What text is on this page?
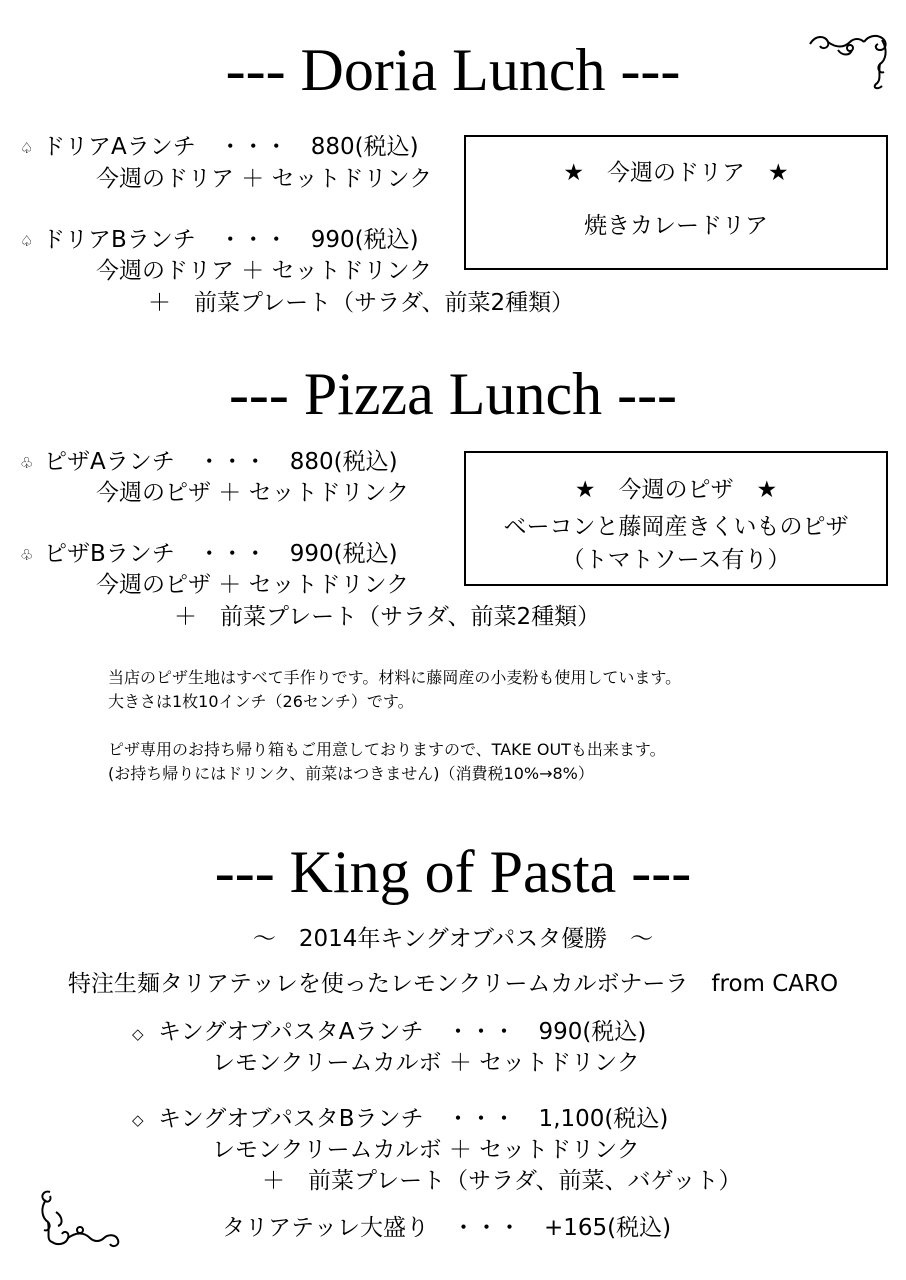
--- Doria Lunch ---
♤ ドリアAランチ　・・・　880(税込)
今週のドリア ＋ セットドリンク
♤ ドリアBランチ　・・・　990(税込)
今週のドリア ＋ セットドリンク
＋　前菜プレート（サラダ、前菜2種類）
★　今週のドリア　★
焼きカレードリア
--- Pizza Lunch ---
♧ ピザAランチ　・・・　880(税込)
今週のピザ ＋ セットドリンク
♧ ピザBランチ　・・・　990(税込)
今週のピザ ＋ セットドリンク
＋　前菜プレート（サラダ、前菜2種類）
★　今週のピザ　★
ベーコンと藤岡産きくいものピザ
（トマトソース有り）
当店のピザ生地はすべて手作りです。材料に藤岡産の小麦粉も使用しています。
大きさは1枚10インチ（26センチ）です。
ピザ専用のお持ち帰り箱もご用意しておりますので、TAKE OUTも出来ます。
(お持ち帰りにはドリンク、前菜はつきません)（消費税10%→8%）
--- King of Pasta ---
～　2014年キングオブパスタ優勝　～
特注生麺タリアテッレを使ったレモンクリームカルボナーラ　from CARO
◇ キングオブパスタAランチ　・・・　990(税込)
レモンクリームカルボ ＋ セットドリンク
◇ キングオブパスタBランチ　・・・　1,100(税込)
レモンクリームカルボ ＋ セットドリンク
＋　前菜プレート（サラダ、前菜、バゲット）
タリアテッレ大盛り　・・・　+165(税込)
